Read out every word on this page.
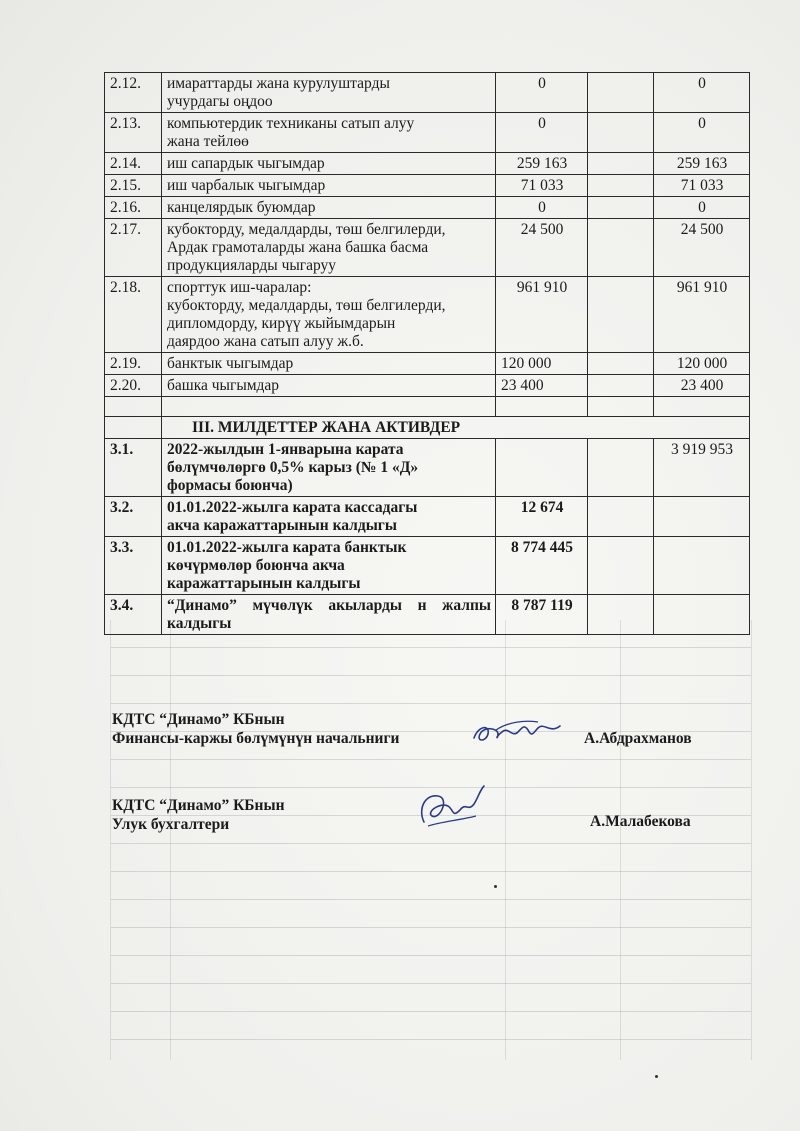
2.12.	имараттарды жана курулуштарды
учурдагы оңдоо	0		0
2.13.	компьютердик техниканы сатып алуу
жана тейлөө	0		0
2.14.	иш сапардык чыгымдар	259 163		259 163
2.15.	иш чарбалык чыгымдар	71 033		71 033
2.16.	канцелярдык буюмдар	0		0
2.17.	кубокторду, медалдарды, төш белгилерди,
Ардак грамоталарды жана башка басма
продукцияларды чыгаруу	24 500		24 500
2.18.	спорттук иш-чаралар:
кубокторду, медалдарды, төш белгилерди,
дипломдорду, кирүү жыйымдарын
даярдоо жана сатып алуу ж.б.	961 910		961 910
2.19.	банктык чыгымдар	120 000		120 000
2.20.	башка чыгымдар	23 400		23 400

	III. МИЛДЕТТЕР ЖАНА АКТИВДЕР			
3.1.	2022-жылдын 1-январына карата
бөлүмчөлөргө 0,5% карыз (№ 1 «Д»
формасы боюнча)			3 919 953
3.2.	01.01.2022-жылга карата кассадагы
акча каражаттарынын калдыгы	12 674		
3.3.	01.01.2022-жылга карата банктык
көчүрмөлөр боюнча акча
каражаттарынын калдыгы	8 774 445		
3.4.	“Динамо” мүчөлүк акыларды н жалпы
калдыгы	8 787 119		
КДТС “Динамо” КБнын
Финансы-каржы бөлүмүнүн начальниги	А.Абдрахманов
КДТС “Динамо” КБнын
Улук бухгалтери	А.Малабекова
